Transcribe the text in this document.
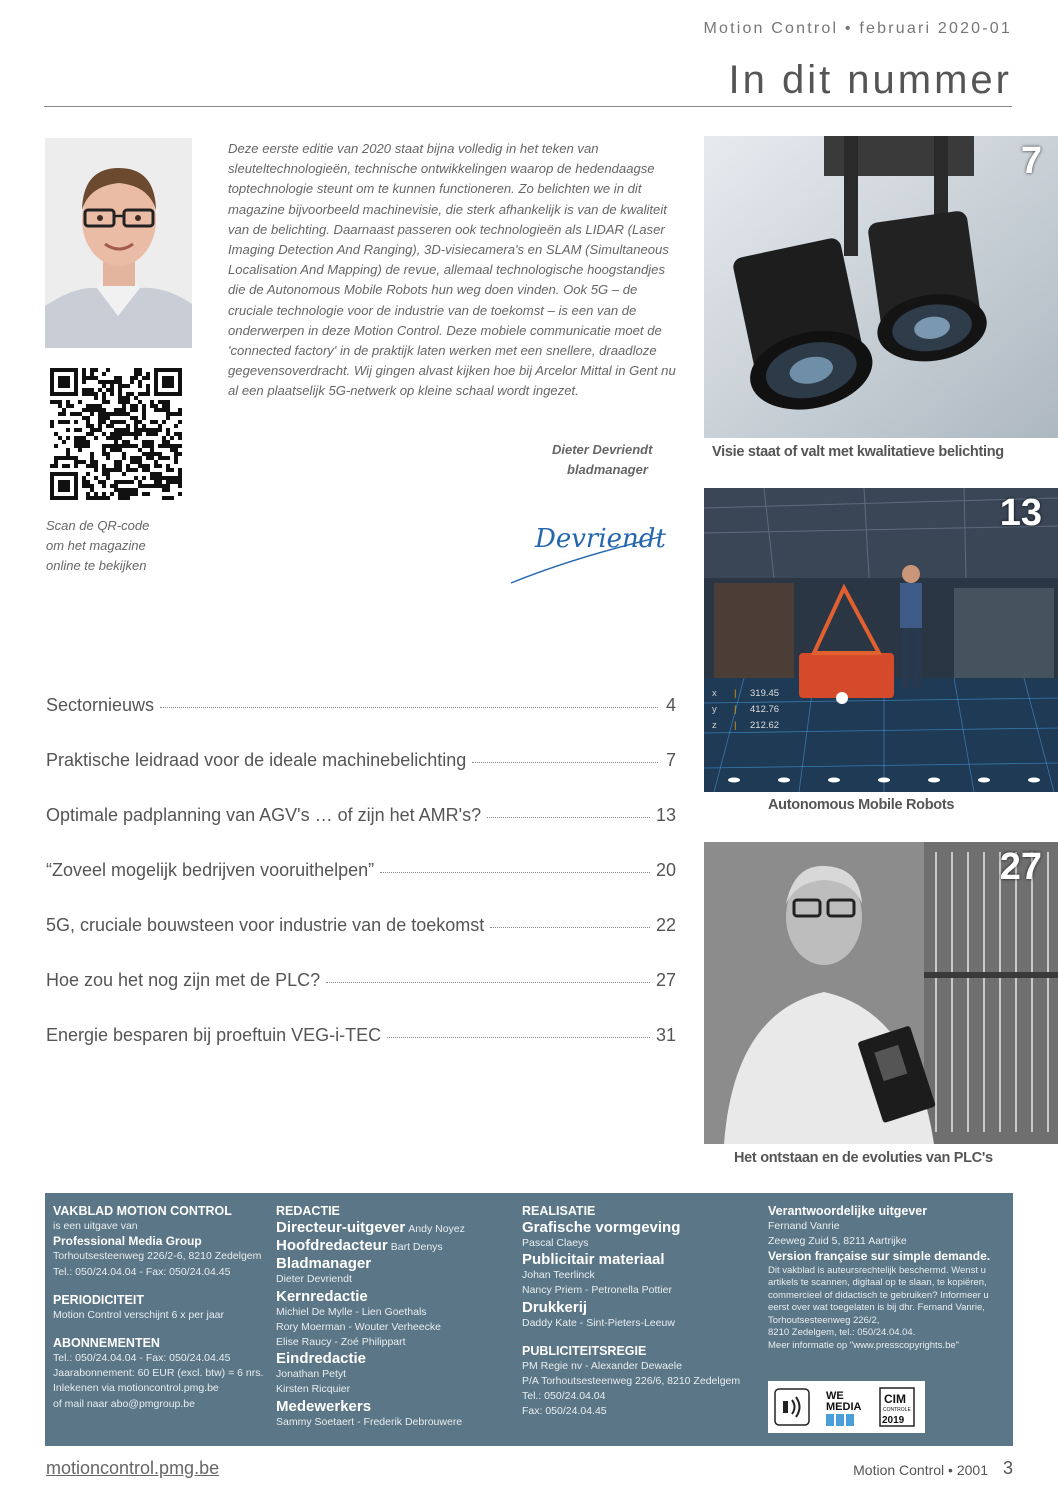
Motion Control • februari 2020-01
In dit nummer
Scan de QR-code
om het magazine
online te bekijken
Deze eerste editie van 2020 staat bijna volledig in het teken van sleuteltechnologieën, technische ontwikkelingen waarop de hedendaagse toptechnologie steunt om te kunnen functioneren. Zo belichten we in dit magazine bijvoorbeeld machinevisie, die sterk afhankelijk is van de kwaliteit van de belichting. Daarnaast passeren ook technologieën als LIDAR (Laser Imaging Detection And Ranging), 3D-visiecamera's en SLAM (Simultaneous Localisation And Mapping) de revue, allemaal technologische hoogstandjes die de Autonomous Mobile Robots hun weg doen vinden. Ook 5G – de cruciale technologie voor de industrie van de toekomst – is een van de onderwerpen in deze Motion Control. Deze mobiele communicatie moet de 'connected factory' in de praktijk laten werken met een snellere, draadloze gegevensoverdracht. Wij gingen alvast kijken hoe bij Arcelor Mittal in Gent nu al een plaatselijk 5G-netwerk op kleine schaal wordt ingezet.
Dieter Devriendt
bladmanager
Devriendt
Sectornieuws	4
Praktische leidraad voor de ideale machinebelichting	7
Optimale padplanning van AGV's … of zijn het AMR's?	13
“Zoveel mogelijk bedrijven vooruithelpen”	20
5G, cruciale bouwsteen voor industrie van de toekomst	22
Hoe zou het nog zijn met de PLC?	27
Energie besparen bij proeftuin VEG-i-TEC	31
7
Visie staat of valt met kwalitatieve belichting
x | 319.45
y | 412.76
z | 212.62
13
Autonomous Mobile Robots
27
Het ontstaan en de evoluties van PLC's
VAKBLAD MOTION CONTROL
is een uitgave van
Professional Media Group
Torhoutsesteenweg 226/2-6, 8210 Zedelgem
Tel.: 050/24.04.04 - Fax: 050/24.04.45
PERIODICITEIT
Motion Control verschijnt 6 x per jaar
ABONNEMENTEN
Tel.: 050/24.04.04 - Fax: 050/24.04.45
Jaarabonnement: 60 EUR (excl. btw) = 6 nrs.
Inlekenen via motioncontrol.pmg.be
of mail naar abo@pmgroup.be
REDACTIE
Directeur-uitgever Andy Noyez
Hoofdredacteur Bart Denys
Bladmanager
Dieter Devriendt
Kernredactie
Michiel De Mylle - Lien Goethals
Rory Moerman - Wouter Verheecke
Elise Raucy - Zoé Philippart
Eindredactie
Jonathan Petyt
Kirsten Ricquier
Medewerkers
Sammy Soetaert - Frederik Debrouwere
REALISATIE
Grafische vormgeving
Pascal Claeys
Publicitair materiaal
Johan Teerlinck
Nancy Priem - Petronella Pottier
Drukkerij
Daddy Kate - Sint-Pieters-Leeuw
PUBLICITEITSREGIE
PM Regie nv - Alexander Dewaele
P/A Torhoutsesteenweg 226/6, 8210 Zedelgem
Tel.: 050/24.04.04
Fax: 050/24.04.45
Verantwoordelijke uitgever
Fernand Vanrie
Zeeweg Zuid 5, 8211 Aartrijke
Version française sur simple demande.
Dit vakblad is auteursrechtelijk beschermd. Wenst u artikels te scannen, digitaal op te slaan, te kopiëren, commercieel of didactisch te gebruiken? Informeer u eerst over wat toegelaten is bij dhr. Fernand Vanrie, Torhoutsesteenweg 226/2,
8210 Zedelgem, tel.: 050/24.04.04.
Meer informatie op "www.presscopyrights.be"
WE
MEDIA
CIM
CONTROLE
2019
motioncontrol.pmg.be	Motion Control • 2001 3
